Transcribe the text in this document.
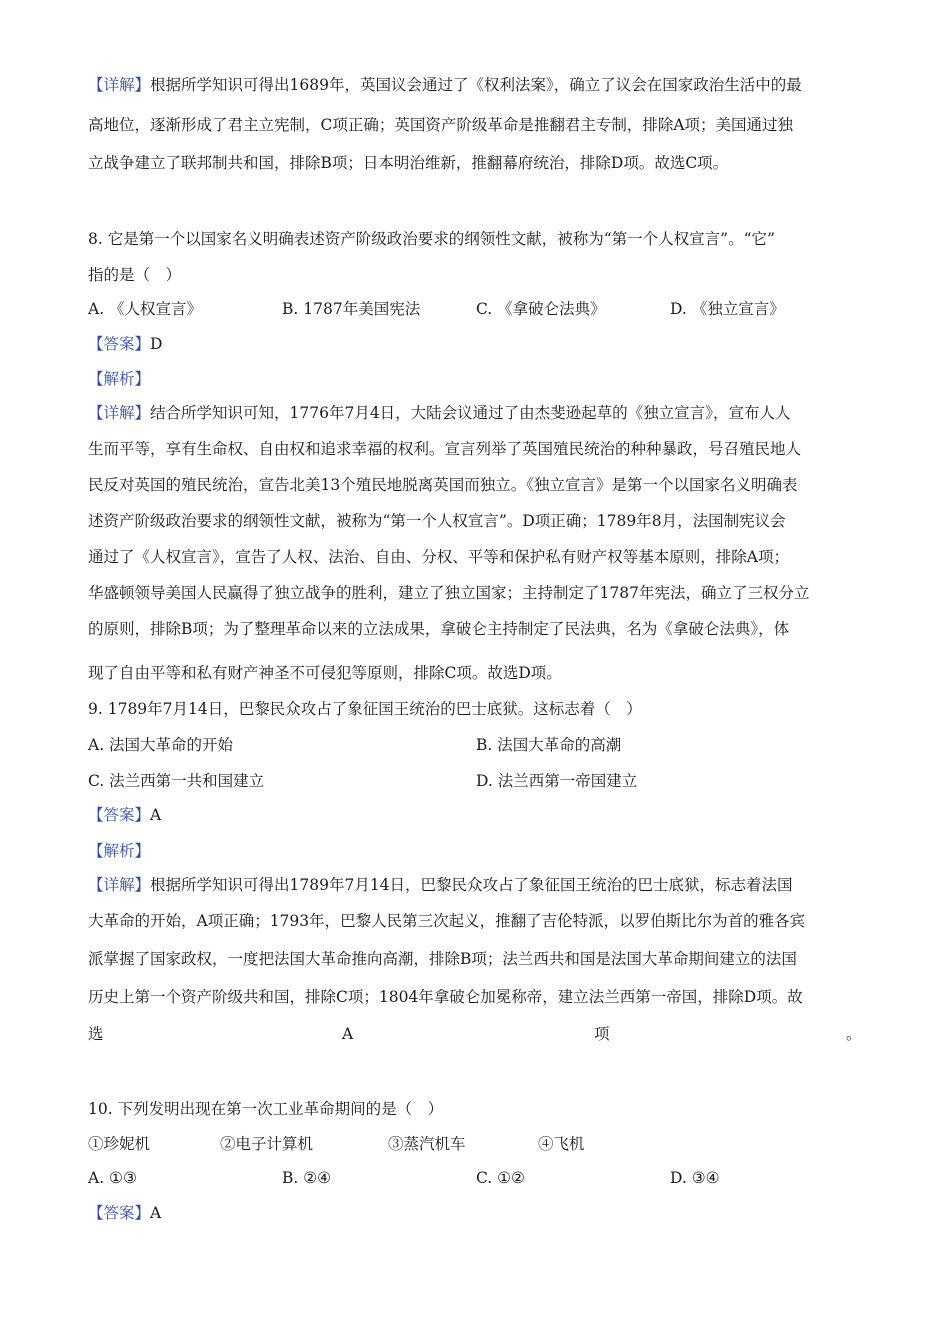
【详解】根据所学知识可得出1689年，英国议会通过了《权利法案》，确立了议会在国家政治生活中的最
高地位，逐渐形成了君主立宪制，C项正确；英国资产阶级革命是推翻君主专制，排除A项；美国通过独
立战争建立了联邦制共和国，排除B项；日本明治维新，推翻幕府统治，排除D项。故选C项。
8. 它是第一个以国家名义明确表述资产阶级政治要求的纲领性文献，被称为“第一个人权宣言”。“它”
指的是（　）
A. 《人权宣言》	B. 1787年美国宪法	C. 《拿破仑法典》	D. 《独立宣言》
【答案】D
【解析】
【详解】结合所学知识可知，1776年7月4日，大陆会议通过了由杰斐逊起草的《独立宣言》，宣布人人
生而平等，享有生命权、自由权和追求幸福的权利。宣言列举了英国殖民统治的种种暴政，号召殖民地人
民反对英国的殖民统治，宣告北美13个殖民地脱离英国而独立。《独立宣言》是第一个以国家名义明确表
述资产阶级政治要求的纲领性文献，被称为“第一个人权宣言”。D项正确；1789年8月，法国制宪议会
通过了《人权宣言》，宣告了人权、法治、自由、分权、平等和保护私有财产权等基本原则，排除A项；
华盛顿领导美国人民赢得了独立战争的胜利，建立了独立国家；主持制定了1787年宪法，确立了三权分立
的原则，排除B项；为了整理革命以来的立法成果，拿破仑主持制定了民法典，名为《拿破仑法典》，体
现了自由平等和私有财产神圣不可侵犯等原则，排除C项。故选D项。
9. 1789年7月14日，巴黎民众攻占了象征国王统治的巴士底狱。这标志着（　）
A. 法国大革命的开始	B. 法国大革命的高潮
C. 法兰西第一共和国建立	D. 法兰西第一帝国建立
【答案】A
【解析】
【详解】根据所学知识可得出1789年7月14日，巴黎民众攻占了象征国王统治的巴士底狱，标志着法国
大革命的开始，A项正确；1793年，巴黎人民第三次起义，推翻了吉伦特派，以罗伯斯比尔为首的雅各宾
派掌握了国家政权，一度把法国大革命推向高潮，排除B项；法兰西共和国是法国大革命期间建立的法国
历史上第一个资产阶级共和国，排除C项；1804年拿破仑加冕称帝，建立法兰西第一帝国，排除D项。故
选	A	项	。
10. 下列发明出现在第一次工业革命期间的是（　）
①珍妮机	②电子计算机	③蒸汽机车	④飞机
A. ①③	B. ②④	C. ①②	D. ③④
【答案】A
